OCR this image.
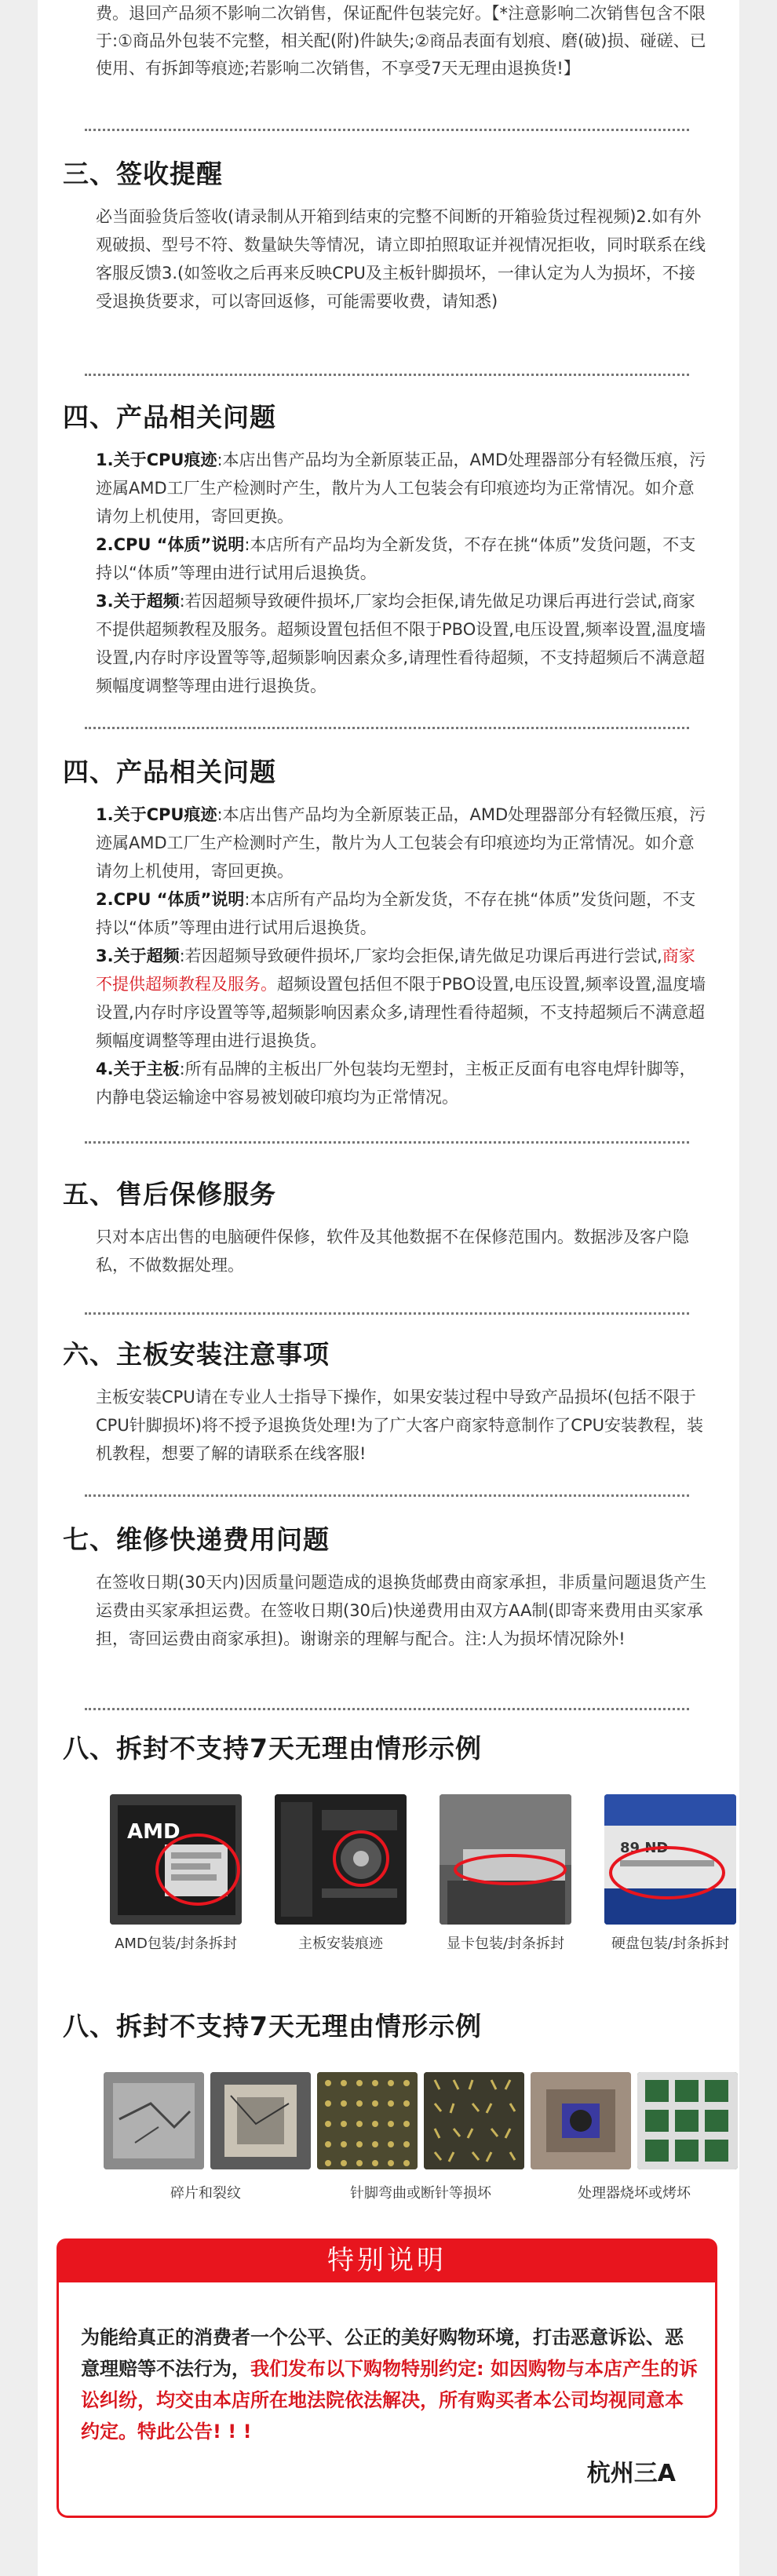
费。退回产品须不影响二次销售，保证配件包装完好。【*注意影响二次销售包含不限于:①商品外包装不完整，相关配(附)件缺失;②商品表面有划痕、磨(破)损、碰磋、已使用、有拆卸等痕迹;若影响二次销售，不享受7天无理由退换货!】
三、签收提醒
必当面验货后签收(请录制从开箱到结束的完整不间断的开箱验货过程视频)2.如有外观破损、型号不符、数量缺失等情况，请立即拍照取证并视情况拒收，同时联系在线客服反馈3.(如签收之后再来反映CPU及主板针脚损坏，一律认定为人为损坏，不接受退换货要求，可以寄回返修，可能需要收费，请知悉)
四、产品相关问题
1.关于CPU痕迹:本店出售产品均为全新原装正品，AMD处理器部分有轻微压痕，污迹属AMD工厂生产检测时产生，散片为人工包装会有印痕迹均为正常情况。如介意请勿上机使用，寄回更换。
2.CPU “体质”说明:本店所有产品均为全新发货，不存在挑“体质”发货问题，不支持以“体质”等理由进行试用后退换货。
3.关于超频:若因超频导致硬件损坏,厂家均会拒保,请先做足功课后再进行尝试,商家不提供超频教程及服务。超频设置包括但不限于PBO设置,电压设置,频率设置,温度墙设置,内存时序设置等等,超频影响因素众多,请理性看待超频，不支持超频后不满意超频幅度调整等理由进行退换货。
四、产品相关问题
1.关于CPU痕迹:本店出售产品均为全新原装正品，AMD处理器部分有轻微压痕，污迹属AMD工厂生产检测时产生，散片为人工包装会有印痕迹均为正常情况。如介意请勿上机使用，寄回更换。
2.CPU “体质”说明:本店所有产品均为全新发货，不存在挑“体质”发货问题，不支持以“体质”等理由进行试用后退换货。
3.关于超频:若因超频导致硬件损坏,厂家均会拒保,请先做足功课后再进行尝试,商家不提供超频教程及服务。超频设置包括但不限于PBO设置,电压设置,频率设置,温度墙设置,内存时序设置等等,超频影响因素众多,请理性看待超频，不支持超频后不满意超频幅度调整等理由进行退换货。
4.关于主板:所有品牌的主板出厂外包装均无塑封，主板正反面有电容电焊针脚等，内静电袋运输途中容易被划破印痕均为正常情况。
五、售后保修服务
只对本店出售的电脑硬件保修，软件及其他数据不在保修范围内。数据涉及客户隐私，不做数据处理。
六、主板安装注意事项
主板安装CPU请在专业人士指导下操作，如果安装过程中导致产品损坏(包括不限于CPU针脚损坏)将不授予退换货处理!为了广大客户商家特意制作了CPU安装教程，装机教程，想要了解的请联系在线客服!
七、维修快递费用问题
在签收日期(30天内)因质量问题造成的退换货邮费由商家承担，非质量问题退货产生运费由买家承担运费。在签收日期(30后)快递费用由双方AA制(即寄来费用由买家承担，寄回运费由商家承担)。谢谢亲的理解与配合。注:人为损坏情况除外!
八、拆封不支持7天无理由情形示例
AMD
89 ND
AMD包装/封条拆封	主板安装痕迹	显卡包装/封条拆封	硬盘包装/封条拆封
八、拆封不支持7天无理由情形示例
碎片和裂纹	针脚弯曲或断针等损坏	处理器烧坏或烤坏
特别说明
为能给真正的消费者一个公平、公正的美好购物环境，打击恶意诉讼、恶意理赔等不法行为，我们发布以下购物特别约定: 如因购物与本店产生的诉讼纠纷，均交由本店所在地法院依法解决，所有购买者本公司均视同意本约定。特此公告! ! !
杭州三A
